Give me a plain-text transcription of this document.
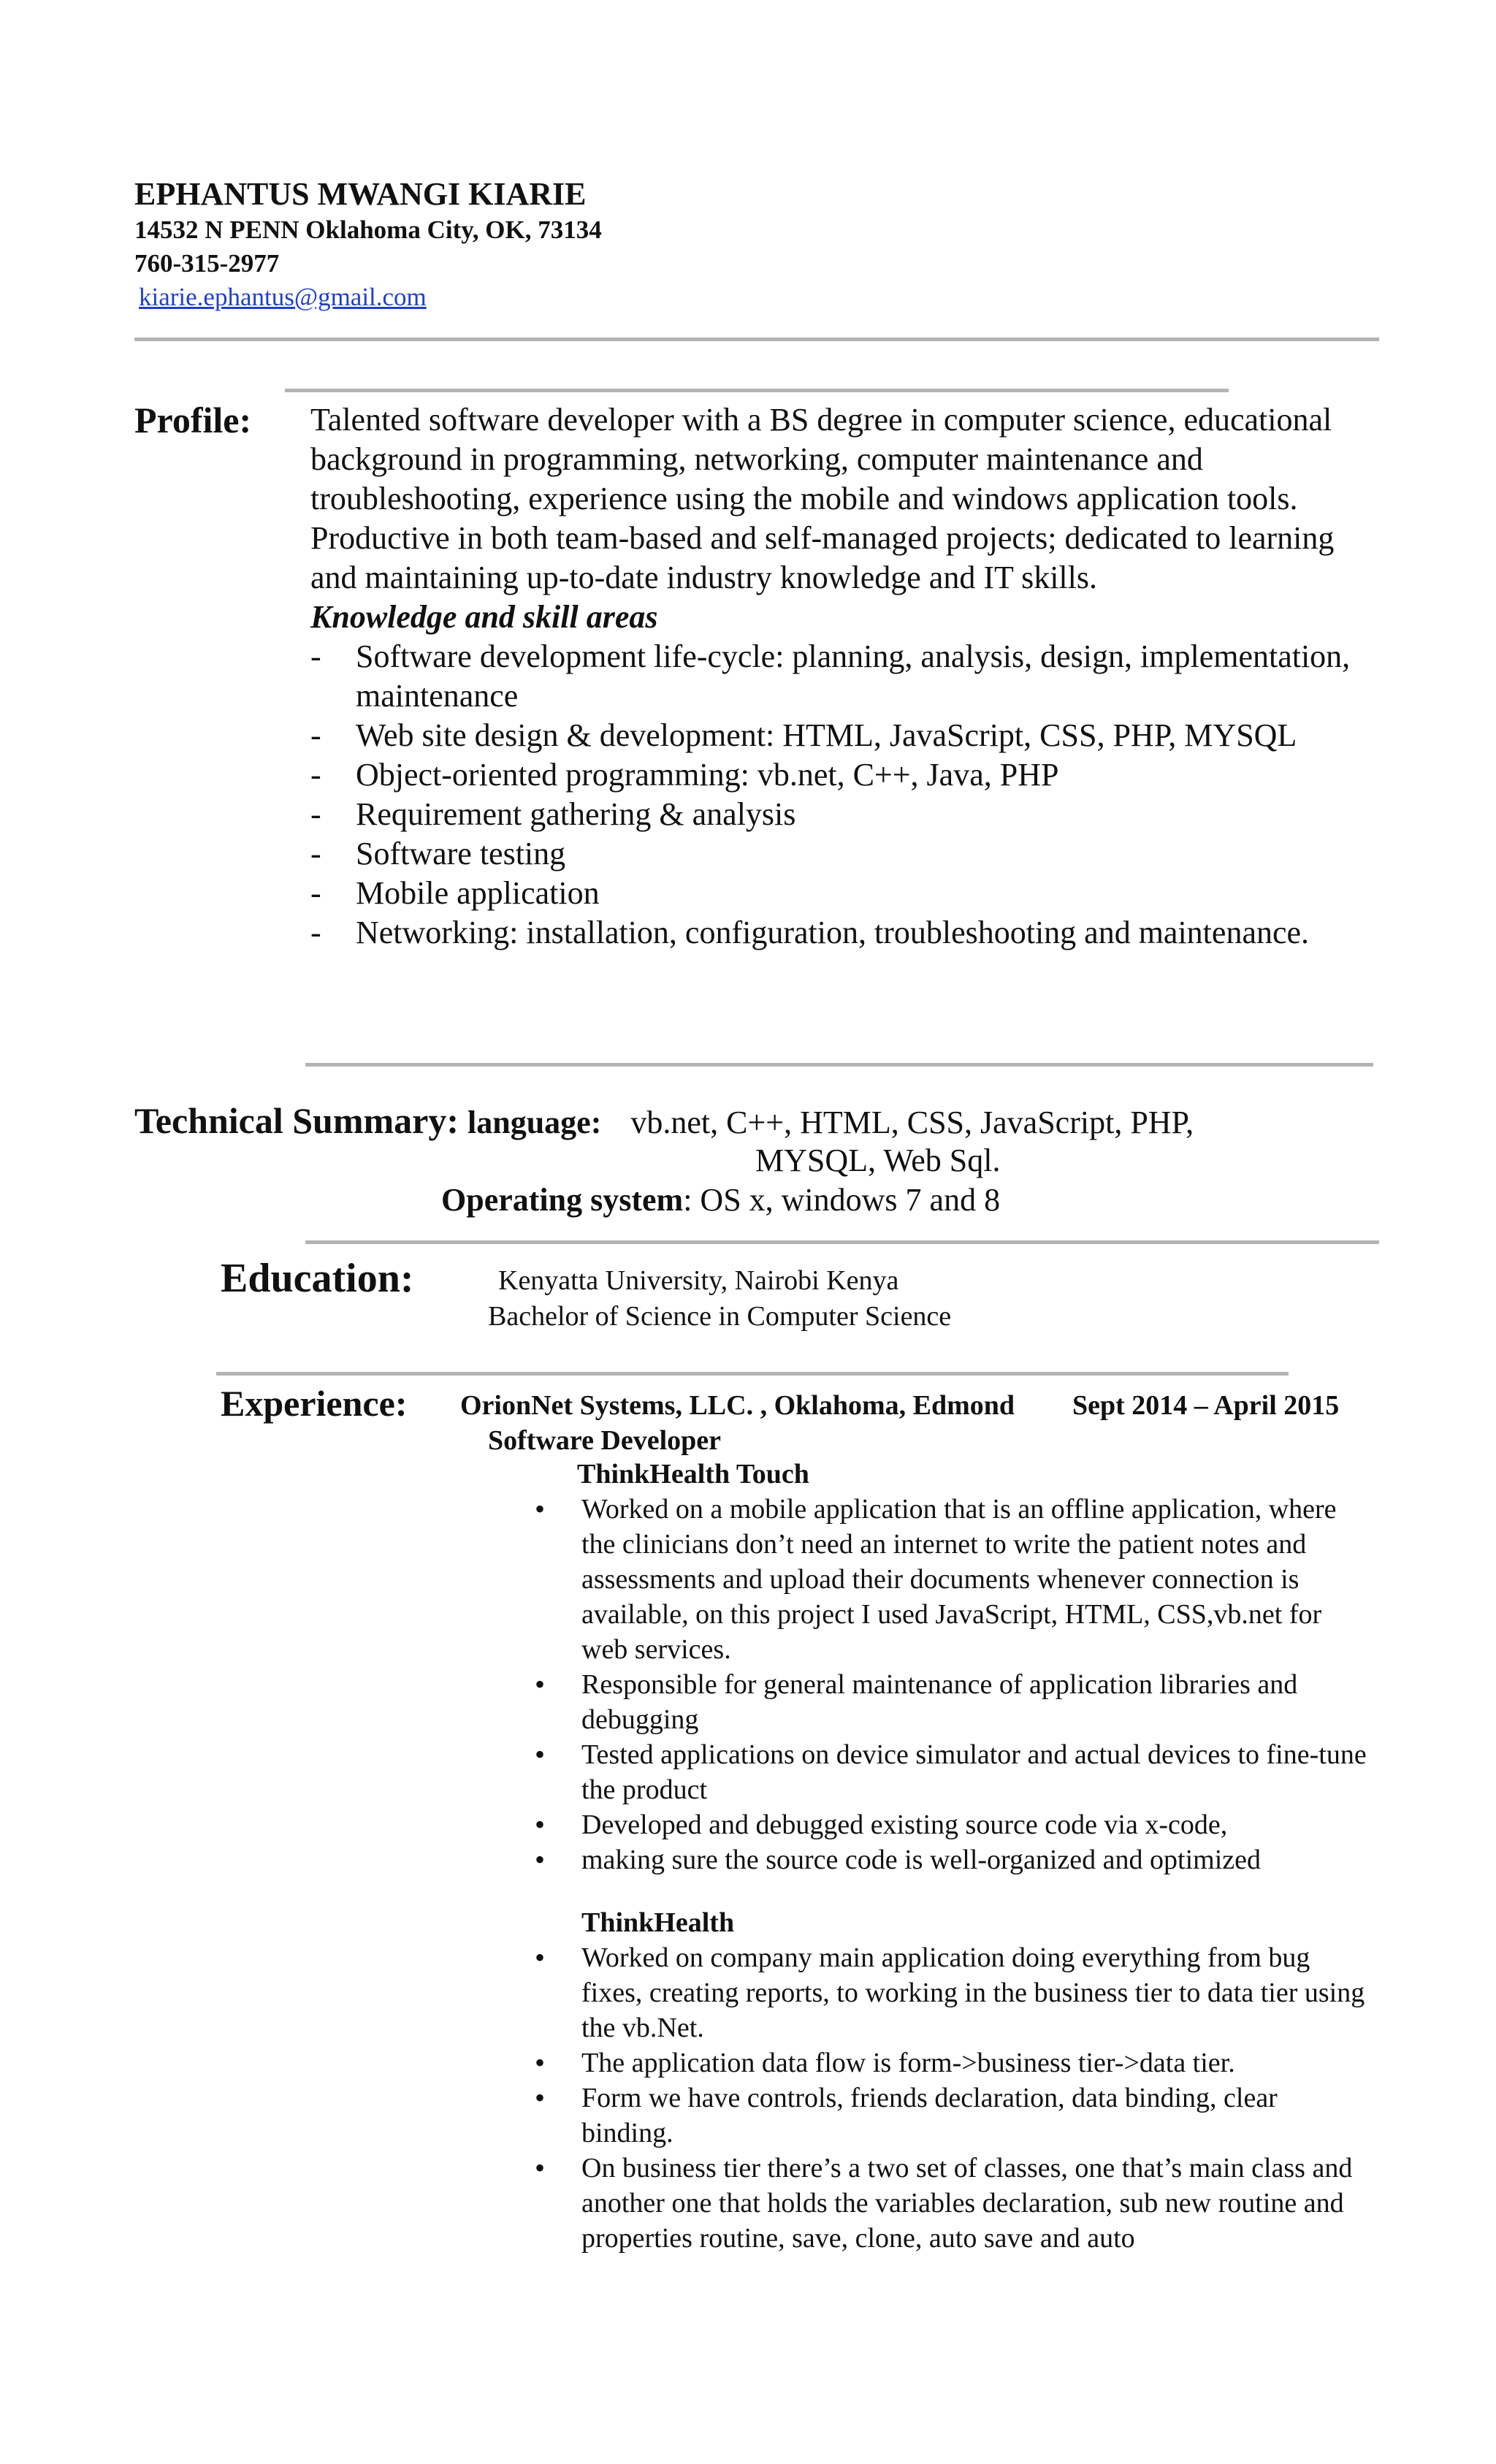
EPHANTUS MWANGI KIARIE
14532 N PENN Oklahoma City, OK, 73134
760-315-2977
kiarie.ephantus@gmail.com
Profile: Talented software developer with a BS degree in computer science, educational background in programming, networking, computer maintenance and troubleshooting, experience using the mobile and windows application tools. Productive in both team-based and self-managed projects; dedicated to learning and maintaining up-to-date industry knowledge and IT skills.

Knowledge and skill areas
- Software development life-cycle: planning, analysis, design, implementation, maintenance
- Web site design & development: HTML, JavaScript, CSS, PHP, MYSQL
- Object-oriented programming: vb.net, C++, Java, PHP
- Requirement gathering & analysis
- Software testing
- Mobile application
- Networking: installation, configuration, troubleshooting and maintenance.
Technical Summary: language: vb.net, C++, HTML, CSS, JavaScript, PHP,
MYSQL, Web Sql.
Operating system: OS x, windows 7 and 8
Education:	Kenyatta University, Nairobi Kenya
Bachelor of Science in Computer Science
Experience: OrionNet Systems, LLC. , Oklahoma, Edmond Sept 2014 – April 2015
Software Developer
ThinkHealth Touch
• Worked on a mobile application that is an offline application, where the clinicians don’t need an internet to write the patient notes and assessments and upload their documents whenever connection is available, on this project I used JavaScript, HTML, CSS,vb.net for web services.
• Responsible for general maintenance of application libraries and debugging
• Tested applications on device simulator and actual devices to fine-tune the product
• Developed and debugged existing source code via x-code,
• making sure the source code is well-organized and optimized
ThinkHealth
• Worked on company main application doing everything from bug fixes, creating reports, to working in the business tier to data tier using the vb.Net.
• The application data flow is form->business tier->data tier.
• Form we have controls, friends declaration, data binding, clear binding.
• On business tier there’s a two set of classes, one that’s main class and another one that holds the variables declaration, sub new routine and properties routine, save, clone, auto save and auto
